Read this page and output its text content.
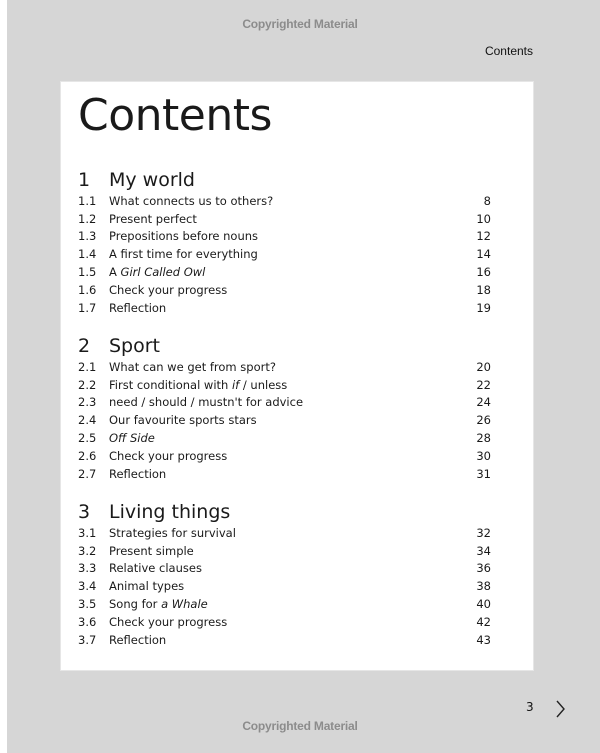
Copyrighted Material
Contents
Contents
1 My world
1.1	What connects us to others?	8
1.2	Present perfect	10
1.3	Prepositions before nouns	12
1.4	A first time for everything	14
1.5	A Girl Called Owl	16
1.6	Check your progress	18
1.7	Reflection	19
2 Sport
2.1	What can we get from sport?	20
2.2	First conditional with if / unless	22
2.3	need / should / mustn't for advice	24
2.4	Our favourite sports stars	26
2.5	Off Side	28
2.6	Check your progress	30
2.7	Reflection	31
3 Living things
3.1	Strategies for survival	32
3.2	Present simple	34
3.3	Relative clauses	36
3.4	Animal types	38
3.5	Song for a Whale	40
3.6	Check your progress	42
3.7	Reflection	43
3
Copyrighted Material
